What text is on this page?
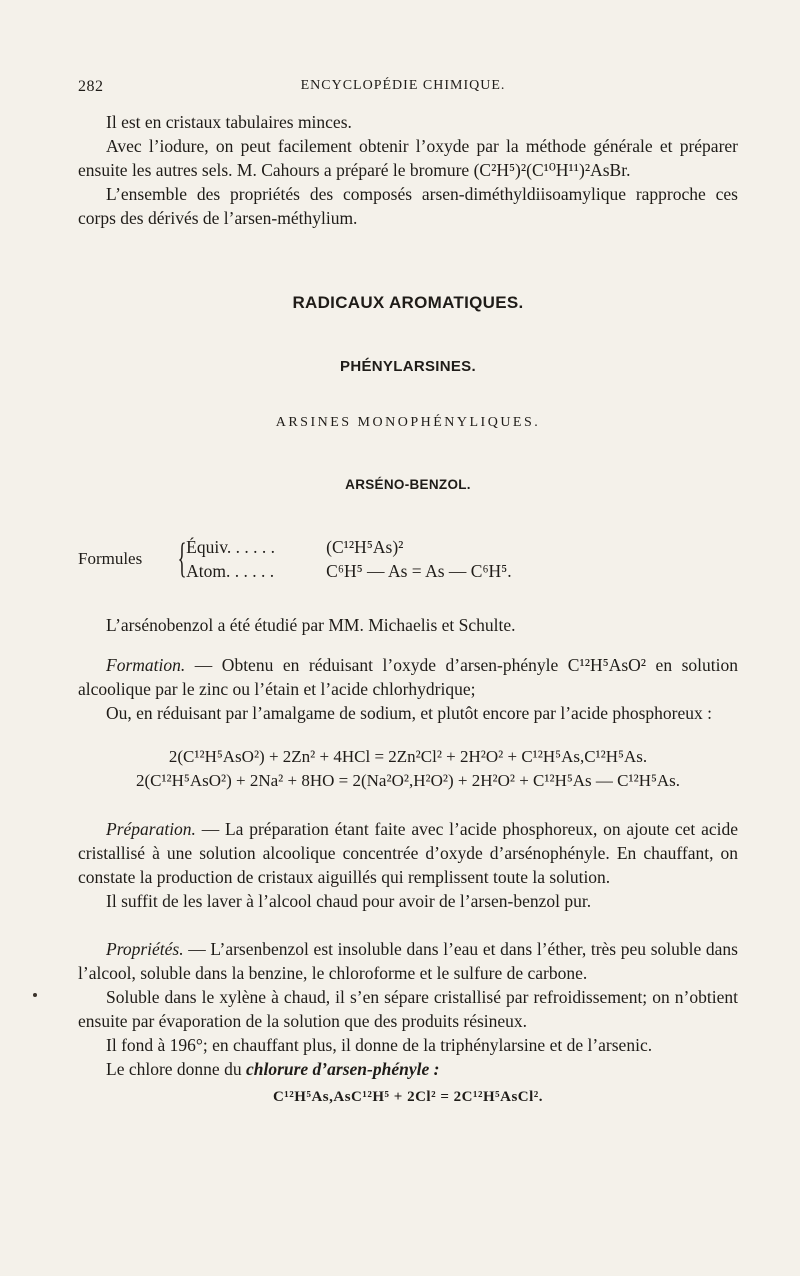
282	ENCYCLOPÉDIE CHIMIQUE.

Il est en cristaux tabulaires minces.

Avec l’iodure, on peut facilement obtenir l’oxyde par la méthode générale et préparer ensuite les autres sels. M. Cahours a préparé le bromure (C²H⁵)²(C¹⁰H¹¹)²AsBr.

L’ensemble des propriétés des composés arsen-diméthyldiisoamylique rapproche ces corps des dérivés de l’arsen-méthylium.

RADICAUX AROMATIQUES.
PHÉNYLARSINES.
ARSINES MONOPHÉNYLIQUES.
ARSÉNO-BENZOL.
Formules { Équiv. . . . . .	(C¹²H⁵As)²
Atom. . . . . .	C⁶H⁵ — As = As — C⁶H⁵.

L’arsénobenzol a été étudié par MM. Michaelis et Schulte.

Formation. — Obtenu en réduisant l’oxyde d’arsen-phényle C¹²H⁵AsO² en solution alcoolique par le zinc ou l’étain et l’acide chlorhydrique;

Ou, en réduisant par l’amalgame de sodium, et plutôt encore par l’acide phosphoreux :

2(C¹²H⁵AsO²) + 2Zn² + 4HCl = 2Zn²Cl² + 2H²O² + C¹²H⁵As,C¹²H⁵As.

2(C¹²H⁵AsO²) + 2Na² + 8HO = 2(Na²O²,H²O²) + 2H²O² + C¹²H⁵As — C¹²H⁵As.

Préparation. — La préparation étant faite avec l’acide phosphoreux, on ajoute cet acide cristallisé à une solution alcoolique concentrée d’oxyde d’arsénophényle. En chauffant, on constate la production de cristaux aiguillés qui remplissent toute la solution.

Il suffit de les laver à l’alcool chaud pour avoir de l’arsen-benzol pur.

Propriétés. — L’arsenbenzol est insoluble dans l’eau et dans l’éther, très peu soluble dans l’alcool, soluble dans la benzine, le chloroforme et le sulfure de carbone.

Soluble dans le xylène à chaud, il s’en sépare cristallisé par refroidissement; on n’obtient ensuite par évaporation de la solution que des produits résineux.

Il fond à 196°; en chauffant plus, il donne de la triphénylarsine et de l’arsenic.

Le chlore donne du chlorure d’arsen-phényle :

C¹²H⁵As,AsC¹²H⁵ + 2Cl² = 2C¹²H⁵AsCl².
